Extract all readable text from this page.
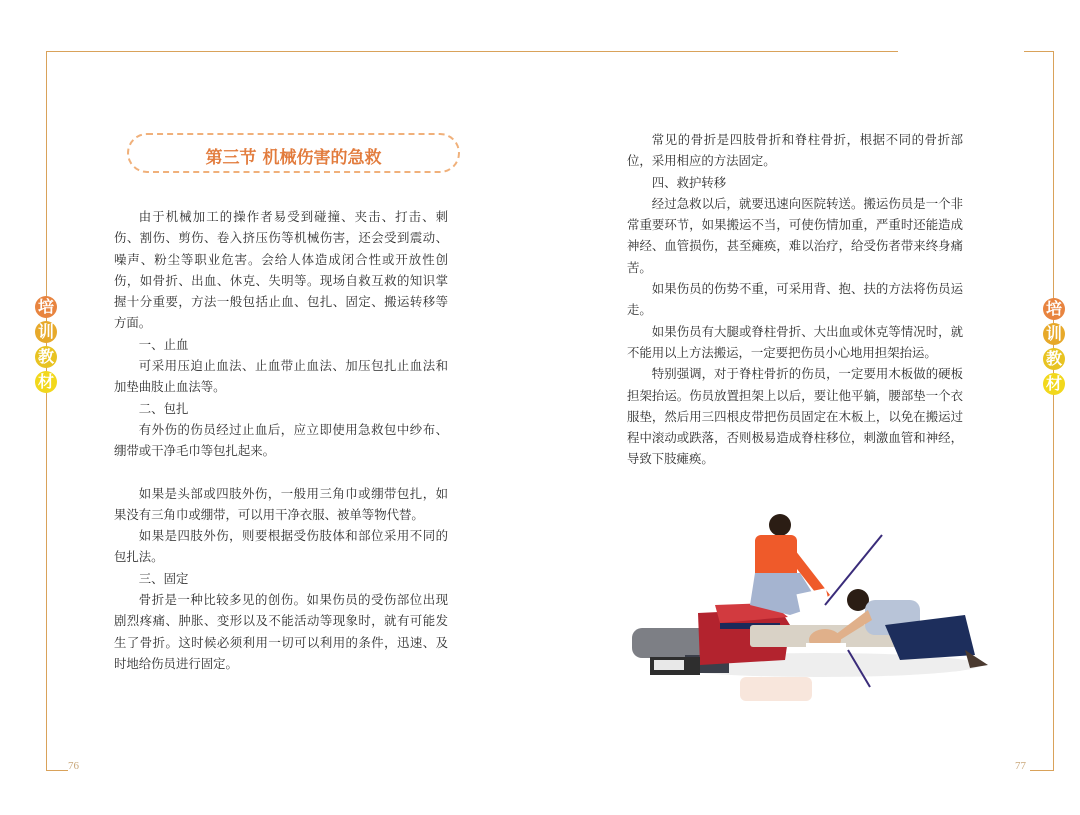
76	77
培
训
教
材
培
训
教
材
第三节 机械伤害的急救

由于机械加工的操作者易受到碰撞、夹击、打击、刺伤、割伤、剪伤、卷入挤压伤等机械伤害，还会受到震动、噪声、粉尘等职业危害。会给人体造成闭合性或开放性创伤，如骨折、出血、休克、失明等。现场自救互救的知识掌握十分重要，方法一般包括止血、包扎、固定、搬运转移等方面。

一、止血

可采用压迫止血法、止血带止血法、加压包扎止血法和加垫曲肢止血法等。

二、包扎

有外伤的伤员经过止血后，应立即使用急救包中纱布、绷带或干净毛巾等包扎起来。

如果是头部或四肢外伤，一般用三角巾或绷带包扎，如果没有三角巾或绷带，可以用干净衣服、被单等物代替。

如果是四肢外伤，则要根据受伤肢体和部位采用不同的包扎法。

三、固定

骨折是一种比较多见的创伤。如果伤员的受伤部位出现剧烈疼痛、肿胀、变形以及不能活动等现象时，就有可能发生了骨折。这时候必须利用一切可以利用的条件，迅速、及时地给伤员进行固定。

常见的骨折是四肢骨折和脊柱骨折，根据不同的骨折部位，采用相应的方法固定。

四、救护转移

经过急救以后，就要迅速向医院转送。搬运伤员是一个非常重要环节，如果搬运不当，可使伤情加重，严重时还能造成神经、血管损伤，甚至瘫痪，难以治疗，给受伤者带来终身痛苦。

如果伤员的伤势不重，可采用背、抱、扶的方法将伤员运走。

如果伤员有大腿或脊柱骨折、大出血或休克等情况时，就不能用以上方法搬运，一定要把伤员小心地用担架抬运。

特别强调，对于脊柱骨折的伤员，一定要用木板做的硬板担架抬运。伤员放置担架上以后，要让他平躺，腰部垫一个衣服垫，然后用三四根皮带把伤员固定在木板上，以免在搬运过程中滚动或跌落，否则极易造成脊柱移位，刺激血管和神经，导致下肢瘫痪。
